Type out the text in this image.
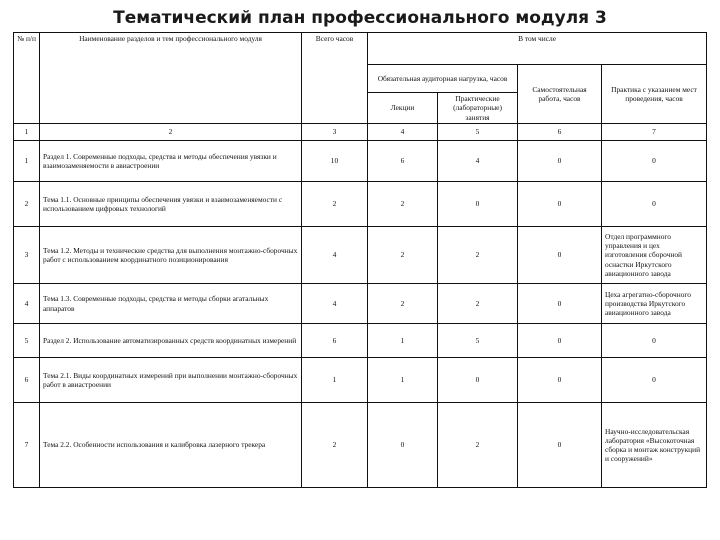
Тематический план профессионального модуля 3
№ п/п	Наименование разделов и тем профессионального модуля	Всего часов	В том числе			
			Обязательная аудиторная нагрузка, часов		Самостоятельная работа, часов	Практика с указанием мест проведения, часов
			Лекции	Практические (лабораторные) занятия		
1	2	3	4	5	6	7
1	Раздел 1. Современные подходы, средства и методы обеспечения увязки и взаимозаменяемости в авиастроении	10	6	4	0	0
2	Тема 1.1. Основные принципы обеспечения увязки и взаимозаменяемости с использованием цифровых технологий	2	2	0	0	0
3	Тема 1.2. Методы и технические средства для выполнения монтажно-сборочных работ с использованием координатного позиционирования	4	2	2	0	Отдел программного управления и цех изготовления сборочной оснастки Иркутского авиационного завода
4	Тема 1.3. Современные подходы, средства и методы сборки агатальных аппаратов	4	2	2	0	Цеха агрегатно-сборочного производства Иркутского авиационного завода
5	Раздел 2. Использование автоматизированных средств координатных измерений	6	1	5	0	0
6	Тема 2.1. Виды координатных измерений при выполнении монтажно-сборочных работ в авиастроении	1	1	0	0	0
7	Тема 2.2. Особенности использования и калибровка лазерного трекера	2	0	2	0	Научно-исследовательская лаборатория «Высокоточная сборка и монтаж конструкций и сооружений»
